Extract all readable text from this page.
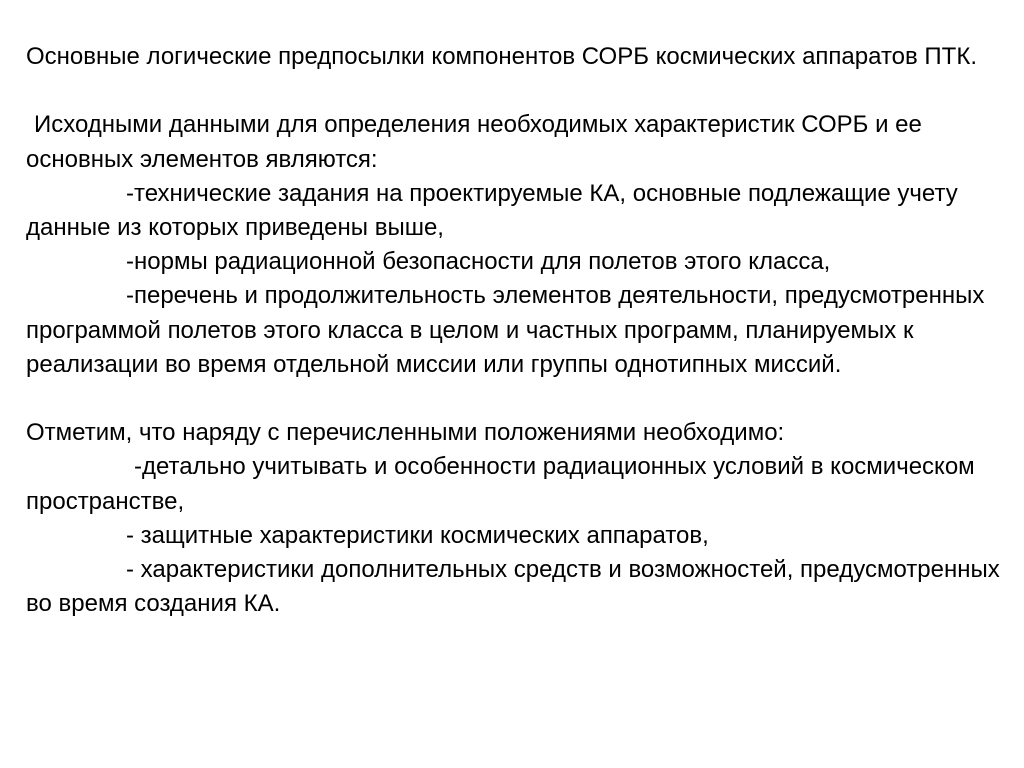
Основные логические предпосылки компонентов СОРБ космических аппаратов ПТК.

Исходными данными для определения необходимых характеристик СОРБ и ее основных элементов являются:

-технические задания на проектируемые КА, основные подлежащие учету данные из которых приведены выше,

-нормы радиационной безопасности для полетов этого класса,

-перечень и продолжительность элементов деятельности, предусмотренных программой полетов этого класса в целом и частных программ, планируемых к реализации во время отдельной миссии или группы однотипных миссий.

Отметим, что наряду с перечисленными положениями необходимо:

-детально учитывать и особенности радиационных условий в космическом пространстве,

- защитные характеристики космических аппаратов,

- характеристики дополнительных средств и возможностей, предусмотренных во время создания КА.
